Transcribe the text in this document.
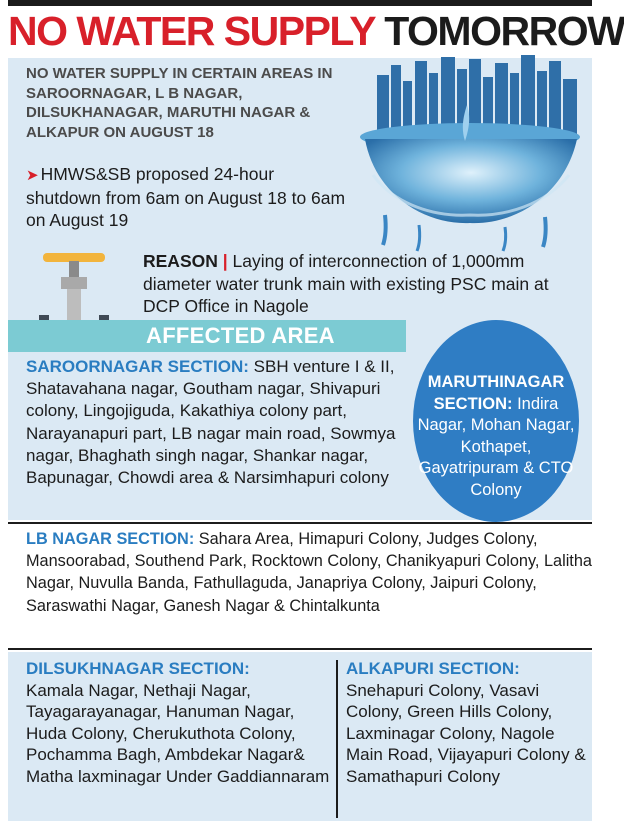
NO WATER SUPPLY TOMORROW
NO WATER SUPPLY IN CERTAIN AREAS IN SAROORNAGAR, L B NAGAR, DILSUKHANAGAR, MARUTHI NAGAR & ALKAPUR ON AUGUST 18
➤ HMWS&SB proposed 24-hour shutdown from 6am on August 18 to 6am on August 19
REASON | Laying of interconnection of 1,000mm diameter water trunk main with existing PSC main at DCP Office in Nagole
AFFECTED AREA
SAROORNAGAR SECTION: SBH venture I & II, Shatavahana nagar, Goutham nagar, Shivapuri colony, Lingojiguda, Kakathiya colony part, Narayanapuri part, LB nagar main road, Sowmya nagar, Bhaghath singh nagar, Shankar nagar, Bapunagar, Chowdi area & Narsimhapuri colony
MARUTHINAGAR SECTION: Indira Nagar, Mohan Nagar, Kothapet, Gayatripuram & CTO Colony
LB NAGAR SECTION: Sahara Area, Himapuri Colony, Judges Colony, Mansoorabad, Southend Park, Rocktown Colony, Chanikyapuri Colony, Lalitha Nagar, Nuvulla Banda, Fathullaguda, Janapriya Colony, Jaipuri Colony, Saraswathi Nagar, Ganesh Nagar & Chintalkunta
DILSUKHNAGAR SECTION:
Kamala Nagar, Nethaji Nagar, Tayagarayanagar, Hanuman Nagar, Huda Colony, Cherukuthota Colony, Pochamma Bagh, Ambdekar Nagar& Matha laxminagar Under Gaddiannaram
ALKAPURI SECTION:
Snehapuri Colony, Vasavi Colony, Green Hills Colony, Laxminagar Colony, Nagole Main Road, Vijayapuri Colony & Samathapuri Colony
